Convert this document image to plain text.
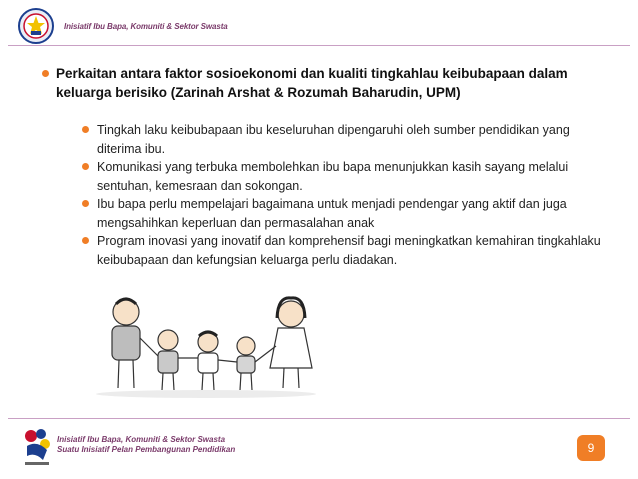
Inisiatif Ibu Bapa, Komuniti & Sektor Swasta
Perkaitan antara faktor sosioekonomi dan kualiti tingkahlau keibubapaan dalam keluarga berisiko (Zarinah Arshat & Rozumah Baharudin, UPM)
Tingkah laku keibubapaan ibu keseluruhan dipengaruhi oleh sumber pendidikan yang diterima ibu.
Komunikasi yang terbuka membolehkan ibu bapa menunjukkan kasih sayang melalui sentuhan, kemesraan dan sokongan.
Ibu bapa perlu mempelajari bagaimana untuk menjadi pendengar yang aktif dan juga mengsahihkan keperluan dan permasalahan anak
Program inovasi yang inovatif dan komprehensif bagi meningkatkan kemahiran tingkahlaku keibubapaan dan kefungsian keluarga perlu diadakan.
Inisiatif Ibu Bapa, Komuniti & Sektor Swasta
Suatu Inisiatif Pelan Pembangunan Pendidikan	9
